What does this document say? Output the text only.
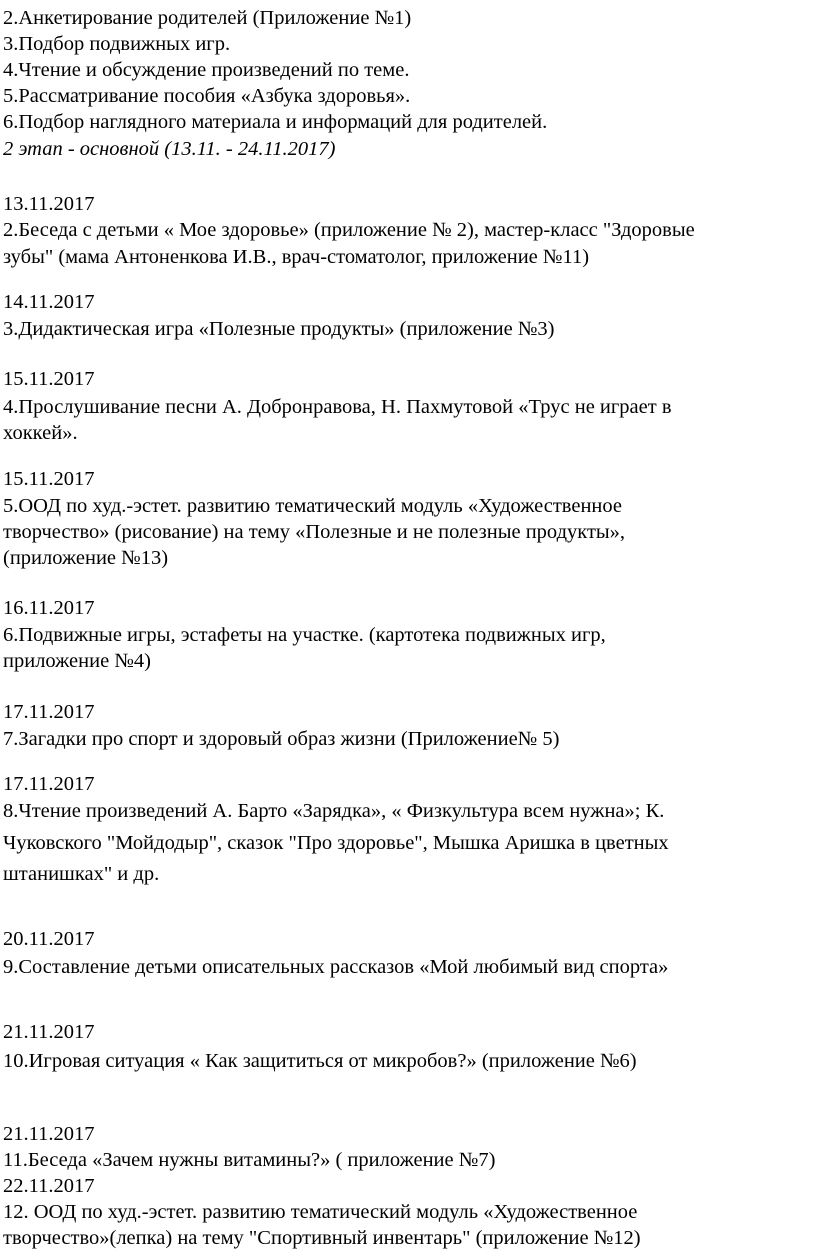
2.Анкетирование родителей (Приложение №1)
3.Подбор подвижных игр.
4.Чтение и обсуждение произведений по теме.
5.Рассматривание пособия «Азбука здоровья».
6.Подбор наглядного материала и информаций для родителей.
2 этап - основной (13.11. - 24.11.2017)
13.11.2017
2.Беседа с детьми « Мое здоровье» (приложение № 2), мастер-класс "Здоровые
зубы" (мама Антоненкова И.В., врач-стоматолог, приложение №11)
14.11.2017
3.Дидактическая игра «Полезные продукты» (приложение №3)
15.11.2017
4.Прослушивание песни А. Добронравова, Н. Пахмутовой «Трус не играет в
хоккей».
15.11.2017
5.ООД по худ.-эстет. развитию тематический модуль «Художественное
творчество» (рисование) на тему «Полезные и не полезные продукты»,
(приложение №13)
16.11.2017
6.Подвижные игры, эстафеты на участке. (картотека подвижных игр,
приложение №4)
17.11.2017
7.Загадки про спорт и здоровый образ жизни (Приложение№ 5)
17.11.2017
8.Чтение произведений А. Барто «Зарядка», « Физкультура всем нужна»; К.
Чуковского "Мойдодыр", сказок "Про здоровье", Мышка Аришка в цветных
штанишках" и др.
20.11.2017
9.Составление детьми описательных рассказов «Мой любимый вид спорта»
21.11.2017
10.Игровая ситуация « Как защититься от микробов?» (приложение №6)
21.11.2017
11.Беседа «Зачем нужны витамины?» ( приложение №7)
22.11.2017
12. ООД по худ.-эстет. развитию тематический модуль «Художественное
творчество»(лепка) на тему "Спортивный инвентарь" (приложение №12)
